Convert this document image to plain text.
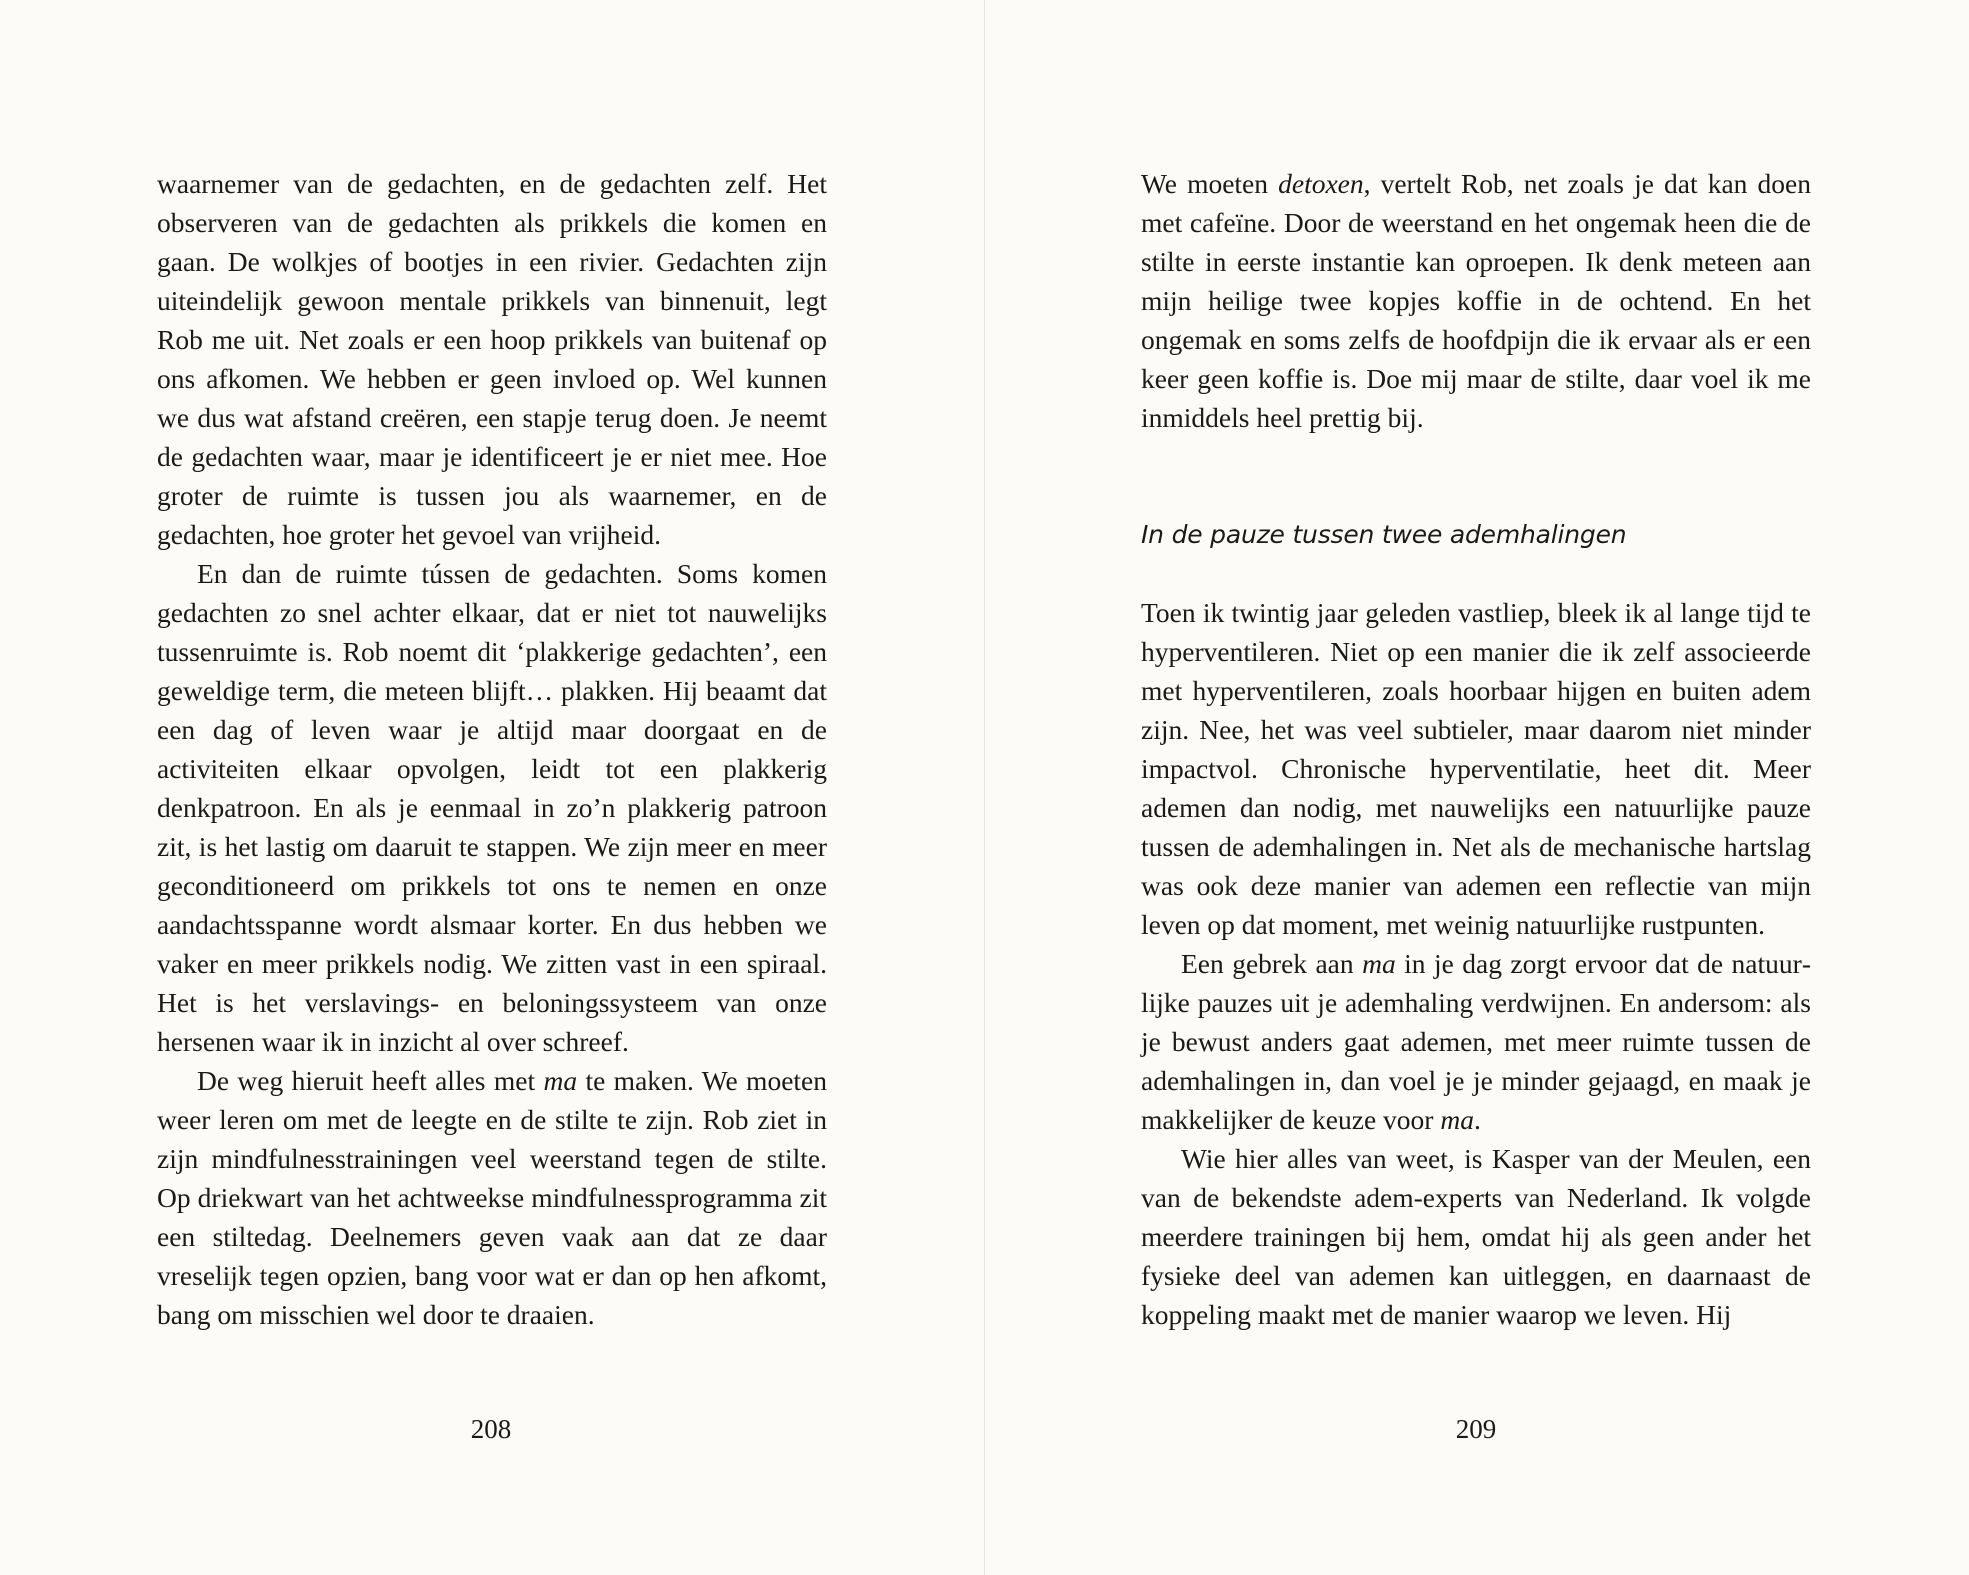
waarnemer van de gedachten, en de gedachten zelf. Het observeren van de gedachten als prikkels die komen en gaan. De wolkjes of bootjes in een rivier. Gedachten zijn uiteindelijk gewoon mentale prikkels van binnenuit, legt Rob me uit. Net zoals er een hoop prikkels van buitenaf op ons afkomen. We hebben er geen invloed op. Wel kunnen we dus wat afstand creëren, een stapje terug doen. Je neemt de gedachten waar, maar je identificeert je er niet mee. Hoe groter de ruimte is tussen jou als waarnemer, en de gedachten, hoe groter het gevoel van vrijheid.

En dan de ruimte tússen de gedachten. Soms komen gedachten zo snel achter elkaar, dat er niet tot nauwelijks tussenruimte is. Rob noemt dit ‘plakkerige gedachten’, een geweldige term, die meteen blijft… plakken. Hij beaamt dat een dag of leven waar je altijd maar doorgaat en de activiteiten elkaar opvolgen, leidt tot een plakkerig denkpatroon. En als je eenmaal in zo’n plakkerig patroon zit, is het lastig om daaruit te stappen. We zijn meer en meer geconditioneerd om prikkels tot ons te nemen en onze aandachtsspanne wordt alsmaar korter. En dus hebben we vaker en meer prikkels nodig. We zitten vast in een spiraal. Het is het verslavings- en beloningssysteem van onze hersenen waar ik in inzicht al over schreef.

De weg hieruit heeft alles met ma te maken. We moeten weer leren om met de leegte en de stilte te zijn. Rob ziet in zijn mindfulnesstrainingen veel weerstand tegen de stilte. Op driekwart van het achtweekse mindfulnessprogramma zit een stiltedag. Deelnemers geven vaak aan dat ze daar vreselijk tegen opzien, bang voor wat er dan op hen afkomt, bang om misschien wel door te draaien.

208

We moeten detoxen, vertelt Rob, net zoals je dat kan doen met cafeïne. Door de weerstand en het ongemak heen die de stilte in eerste instantie kan oproepen. Ik denk meteen aan mijn heilige twee kopjes koffie in de ochtend. En het ongemak en soms zelfs de hoofdpijn die ik ervaar als er een keer geen koffie is. Doe mij maar de stilte, daar voel ik me inmiddels heel prettig bij.

In de pauze tussen twee ademhalingen

Toen ik twintig jaar geleden vastliep, bleek ik al lange tijd te hyperventileren. Niet op een manier die ik zelf associeerde met hyperventileren, zoals hoorbaar hijgen en buiten adem zijn. Nee, het was veel subtieler, maar daarom niet minder impactvol. Chronische hyperventilatie, heet dit. Meer ademen dan nodig, met nauwelijks een natuurlijke pauze tussen de ademhalingen in. Net als de mechanische hartslag was ook deze manier van ademen een reflectie van mijn leven op dat moment, met weinig natuurlijke rustpunten.

Een gebrek aan ma in je dag zorgt ervoor dat de natuurlijke pauzes uit je ademhaling verdwijnen. En andersom: als je bewust anders gaat ademen, met meer ruimte tussen de ademhalingen in, dan voel je je minder gejaagd, en maak je makkelijker de keuze voor ma.

Wie hier alles van weet, is Kasper van der Meulen, een van de bekendste adem-experts van Nederland. Ik volgde meerdere trainingen bij hem, omdat hij als geen ander het fysieke deel van ademen kan uitleggen, en daarnaast de koppeling maakt met de manier waarop we leven. Hij

209
